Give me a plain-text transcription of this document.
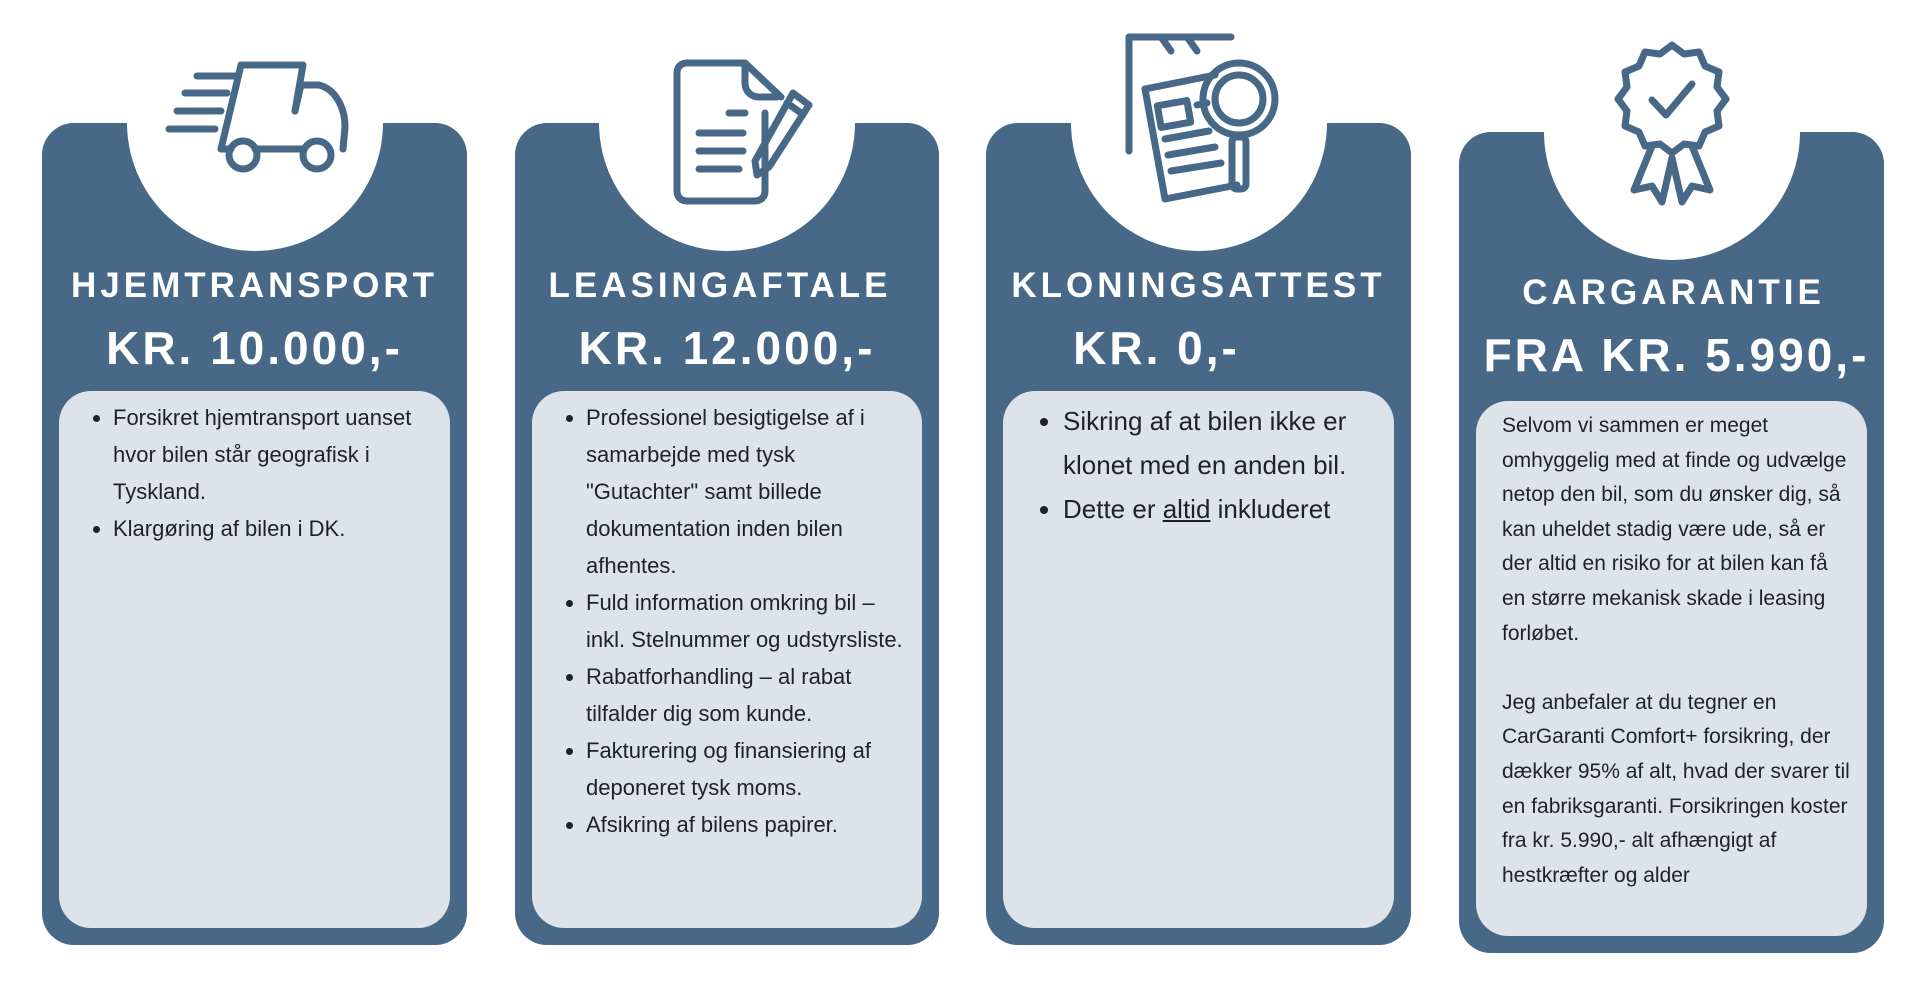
HJEMTRANSPORT
KR. 10.000,-
• Forsikret hjemtransport uanset hvor bilen står geografisk i Tyskland.
• Klargøring af bilen i DK.
LEASINGAFTALE
KR. 12.000,-
• Professionel besigtigelse af i samarbejde med tysk "Gutachter" samt billede dokumentation inden bilen afhentes.
• Fuld information omkring bil – inkl. Stelnummer og udstyrsliste.
• Rabatforhandling – al rabat tilfalder dig som kunde.
• Fakturering og finansiering af deponeret tysk moms.
• Afsikring af bilens papirer.
KLONINGSATTEST
KR. 0,-
• Sikring af at bilen ikke er klonet med en anden bil.
• Dette er altid inkluderet
CARGARANTIE
FRA KR. 5.990,-

Selvom vi sammen er meget omhyggelig med at finde og udvælge netop den bil, som du ønsker dig, så kan uheldet stadig være ude, så er der altid en risiko for at bilen kan få en større mekanisk skade i leasing forløbet.

Jeg anbefaler at du tegner en CarGaranti Comfort+ forsikring, der dækker 95% af alt, hvad der svarer til en fabriksgaranti. Forsikringen koster fra kr. 5.990,- alt afhængigt af hestkræfter og alder
